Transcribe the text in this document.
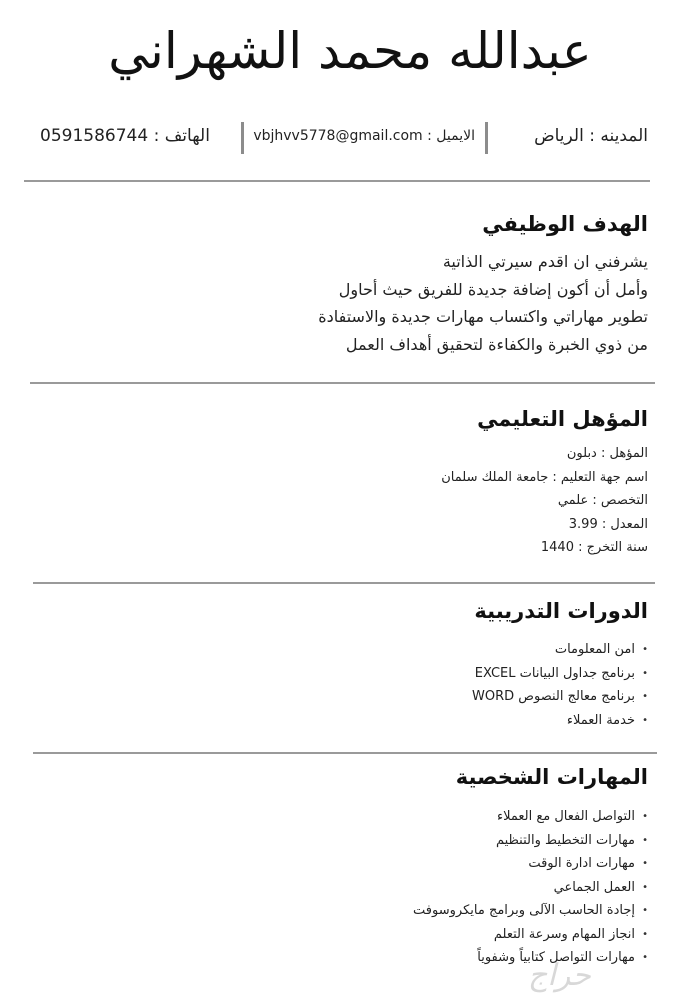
عبدالله محمد الشهراني
المدينه : الرياض
الايميل : vbjhvv5778@gmail.com
الهاتف : 0591586744
الهدف الوظيفي
يشرفني ان اقدم سيرتي الذاتية
وأمل أن أكون إضافة جديدة للفريق حيث أحاول
تطوير مهاراتي واكتساب مهارات جديدة والاستفادة
من ذوي الخبرة والكفاءة لتحقيق أهداف العمل
المؤهل التعليمي
المؤهل : دبلون
اسم جهة التعليم : جامعة الملك سلمان
التخصص : علمي
المعدل : 3.99
سنة التخرج : 1440
الدورات التدريبية
• امن المعلومات
• برنامج جداول البيانات EXCEL
• برنامج معالج النصوص WORD
• خدمة العملاء
المهارات الشخصية
• التواصل الفعال مع العملاء
• مهارات التخطيط والتنظيم
• مهارات ادارة الوقت
• العمل الجماعي
• إجادة الحاسب الآلى وبرامج مايكروسوفت
• انجاز المهام وسرعة التعلم
• مهارات التواصل كتابياً وشفوياً
حراج
